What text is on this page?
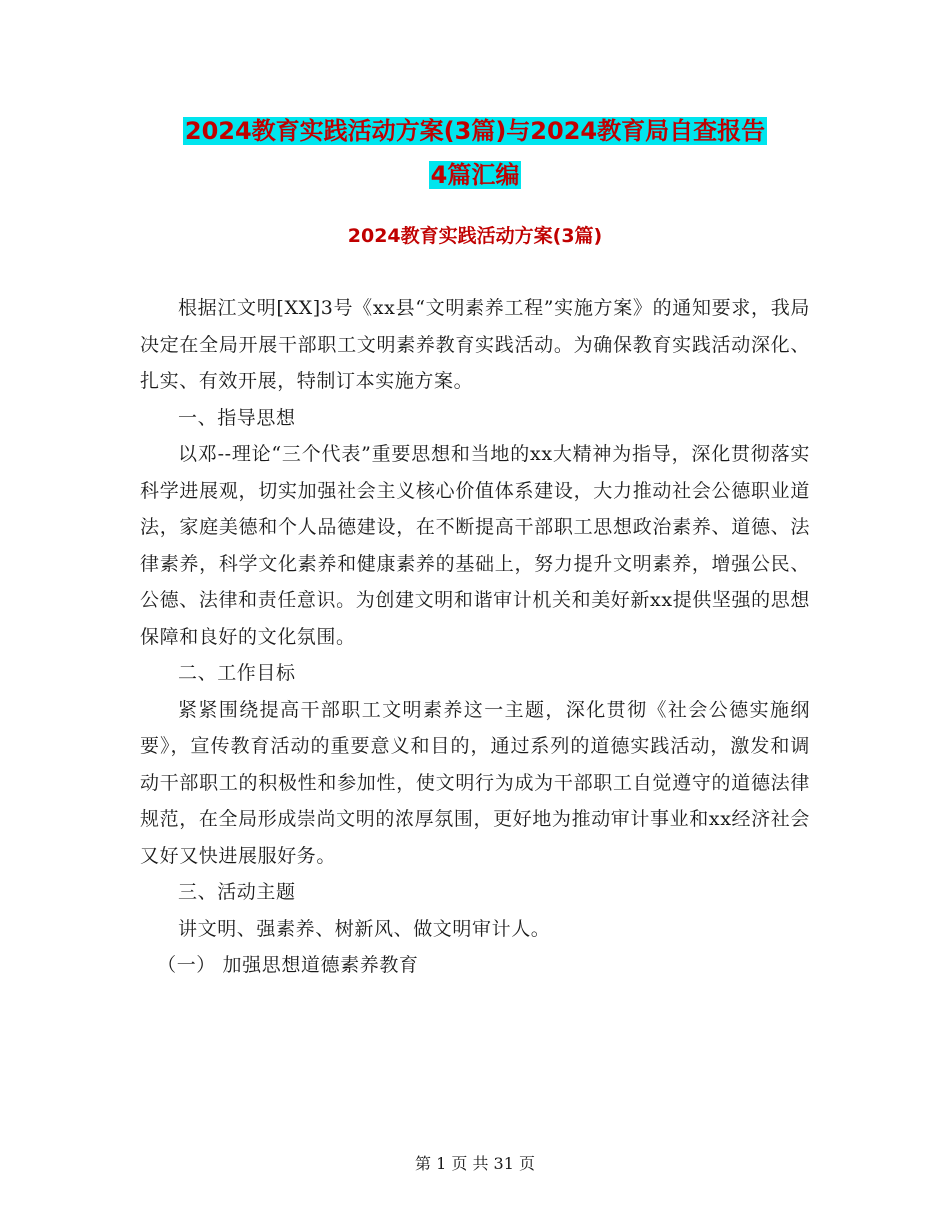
2024教育实践活动方案(3篇)与2024教育局自查报告
4篇汇编
2024教育实践活动方案(3篇)

根据江文明[XX]3号《xx县“文明素养工程”实施方案》的通知要求，我局决定在全局开展干部职工文明素养教育实践活动。为确保教育实践活动深化、扎实、有效开展，特制订本实施方案。

一、指导思想

以邓--理论“三个代表”重要思想和当地的xx大精神为指导，深化贯彻落实科学进展观，切实加强社会主义核心价值体系建设，大力推动社会公德职业道法，家庭美德和个人品德建设，在不断提高干部职工思想政治素养、道德、法律素养，科学文化素养和健康素养的基础上，努力提升文明素养，增强公民、公德、法律和责任意识。为创建文明和谐审计机关和美好新xx提供坚强的思想保障和良好的文化氛围。

二、工作目标

紧紧围绕提高干部职工文明素养这一主题，深化贯彻《社会公德实施纲要》，宣传教育活动的重要意义和目的，通过系列的道德实践活动，激发和调动干部职工的积极性和参加性，使文明行为成为干部职工自觉遵守的道德法律规范，在全局形成崇尚文明的浓厚氛围，更好地为推动审计事业和xx经济社会又好又快进展服好务。

三、活动主题

讲文明、强素养、树新风、做文明审计人。

（一） 加强思想道德素养教育

第 1 页 共 31 页
